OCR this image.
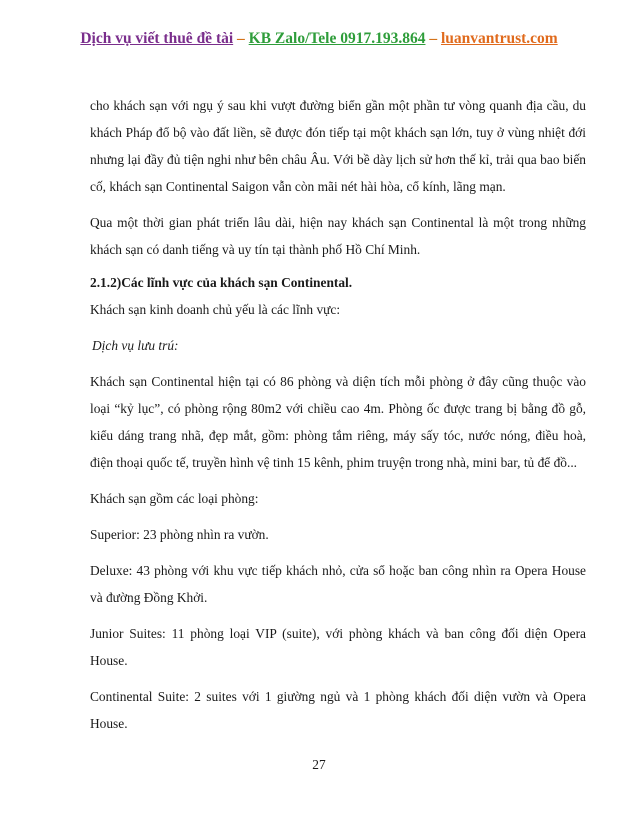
Dịch vụ viết thuê đề tài – KB Zalo/Tele 0917.193.864 – luanvantrust.com

cho khách sạn với ngụ ý sau khi vượt đường biển gần một phần tư vòng quanh địa cầu, du khách Pháp đổ bộ vào đất liền, sẽ được đón tiếp tại một khách sạn lớn, tuy ở vùng nhiệt đới nhưng lại đầy đủ tiện nghi như bên châu Âu. Với bề dày lịch sử hơn thế kỉ, trải qua bao biến cố, khách sạn Continental Saigon vẫn còn mãi nét hài hòa, cổ kính, lãng mạn.

Qua một thời gian phát triển lâu dài, hiện nay khách sạn Continental là một trong những khách sạn có danh tiếng và uy tín tại thành phố Hồ Chí Minh.

2.1.2)Các lĩnh vực của khách sạn Continental.

Khách sạn kinh doanh chủ yếu là các lĩnh vực:

Dịch vụ lưu trú:

Khách sạn Continental hiện tại có 86 phòng và diện tích mỗi phòng ở đây cũng thuộc vào loại “kỷ lục”, có phòng rộng 80m2 với chiều cao 4m. Phòng ốc được trang bị bằng đồ gỗ, kiểu dáng trang nhã, đẹp mắt, gồm: phòng tắm riêng, máy sấy tóc, nước nóng, điều hoà, điện thoại quốc tế, truyền hình vệ tinh 15 kênh, phim truyện trong nhà, mini bar, tủ để đồ...

Khách sạn gồm các loại phòng:

Superior: 23 phòng nhìn ra vườn.

Deluxe: 43 phòng với khu vực tiếp khách nhỏ, cửa sổ hoặc ban công nhìn ra Opera House và đường Đồng Khởi.

Junior Suites: 11 phòng loại VIP (suite), với phòng khách và ban công đối diện Opera House.

Continental Suite: 2 suites với 1 giường ngủ và 1 phòng khách đối diện vườn và Opera House.

27
